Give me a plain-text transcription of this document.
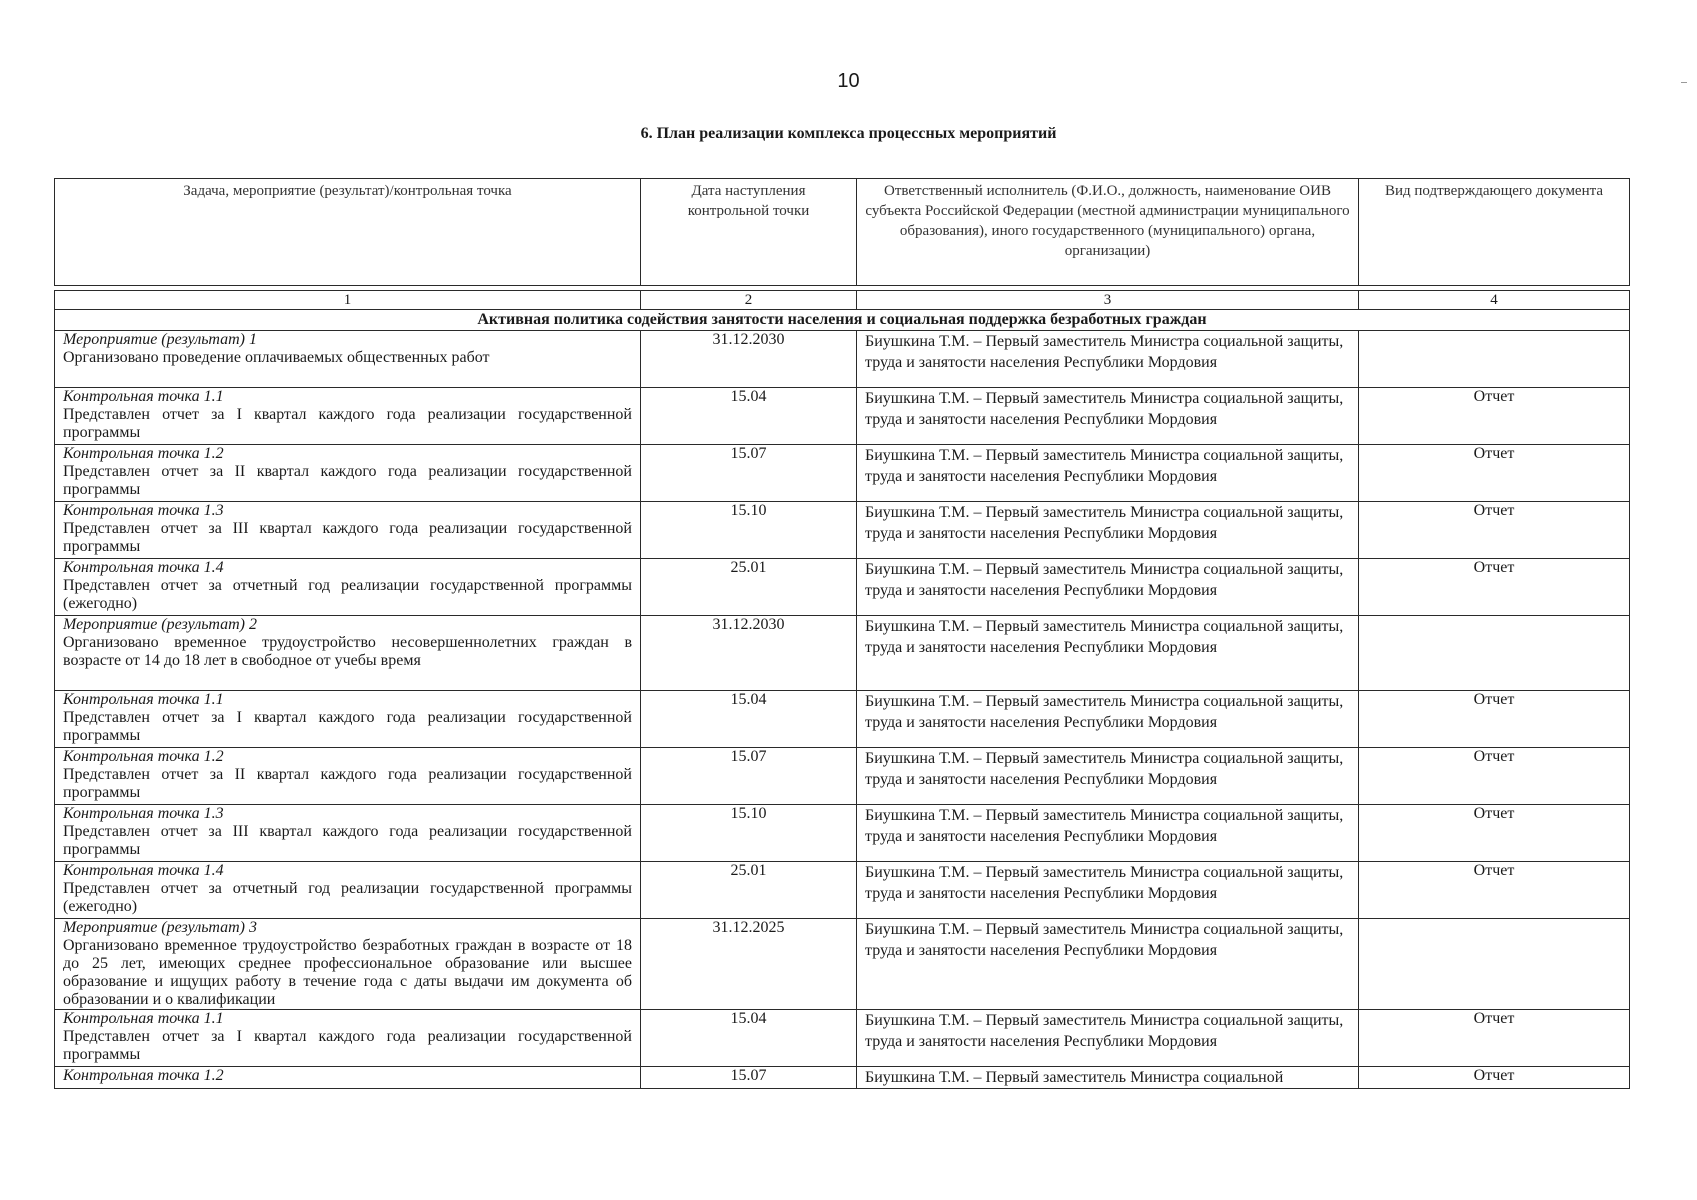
10
6. План реализации комплекса процессных мероприятий
Задача, мероприятие (результат)/контрольная точка	Дата наступления контрольной точки	Ответственный исполнитель (Ф.И.О., должность, наименование ОИВ субъекта Российской Федерации (местной администрации муниципального образования), иного государственного (муниципального) органа, организации)	Вид подтверждающего документа

1	2	3	4
Активная политика содействия занятости населения и социальная поддержка безработных граждан			

Мероприятие (результат) 1
Организовано проведение оплачиваемых общественных работ	31.12.2030	Биушкина Т.М. – Первый заместитель Министра социальной защиты, труда и занятости населения Республики Мордовия	

Контрольная точка 1.1
Представлен отчет за I квартал каждого года реализации государственной программы	15.04	Биушкина Т.М. – Первый заместитель Министра социальной защиты, труда и занятости населения Республики Мордовия	Отчет

Контрольная точка 1.2
Представлен отчет за II квартал каждого года реализации государственной программы	15.07	Биушкина Т.М. – Первый заместитель Министра социальной защиты, труда и занятости населения Республики Мордовия	Отчет

Контрольная точка 1.3
Представлен отчет за III квартал каждого года реализации государственной программы	15.10	Биушкина Т.М. – Первый заместитель Министра социальной защиты, труда и занятости населения Республики Мордовия	Отчет

Контрольная точка 1.4
Представлен отчет за отчетный год реализации государственной программы (ежегодно)	25.01	Биушкина Т.М. – Первый заместитель Министра социальной защиты, труда и занятости населения Республики Мордовия	Отчет

Мероприятие (результат) 2
Организовано временное трудоустройство несовершеннолетних граждан в возрасте от 14 до 18 лет в свободное от учебы время	31.12.2030	Биушкина Т.М. – Первый заместитель Министра социальной защиты, труда и занятости населения Республики Мордовия	

Контрольная точка 1.1
Представлен отчет за I квартал каждого года реализации государственной программы	15.04	Биушкина Т.М. – Первый заместитель Министра социальной защиты, труда и занятости населения Республики Мордовия	Отчет

Контрольная точка 1.2
Представлен отчет за II квартал каждого года реализации государственной программы	15.07	Биушкина Т.М. – Первый заместитель Министра социальной защиты, труда и занятости населения Республики Мордовия	Отчет

Контрольная точка 1.3
Представлен отчет за III квартал каждого года реализации государственной программы	15.10	Биушкина Т.М. – Первый заместитель Министра социальной защиты, труда и занятости населения Республики Мордовия	Отчет

Контрольная точка 1.4
Представлен отчет за отчетный год реализации государственной программы (ежегодно)	25.01	Биушкина Т.М. – Первый заместитель Министра социальной защиты, труда и занятости населения Республики Мордовия	Отчет

Мероприятие (результат) 3
Организовано временное трудоустройство безработных граждан в возрасте от 18 до 25 лет, имеющих среднее профессиональное образование или высшее образование и ищущих работу в течение года с даты выдачи им документа об образовании и о квалификации	31.12.2025	Биушкина Т.М. – Первый заместитель Министра социальной защиты, труда и занятости населения Республики Мордовия	

Контрольная точка 1.1
Представлен отчет за I квартал каждого года реализации государственной программы	15.04	Биушкина Т.М. – Первый заместитель Министра социальной защиты, труда и занятости населения Республики Мордовия	Отчет

Контрольная точка 1.2	15.07	Биушкина Т.М. – Первый заместитель Министра социальной	Отчет
